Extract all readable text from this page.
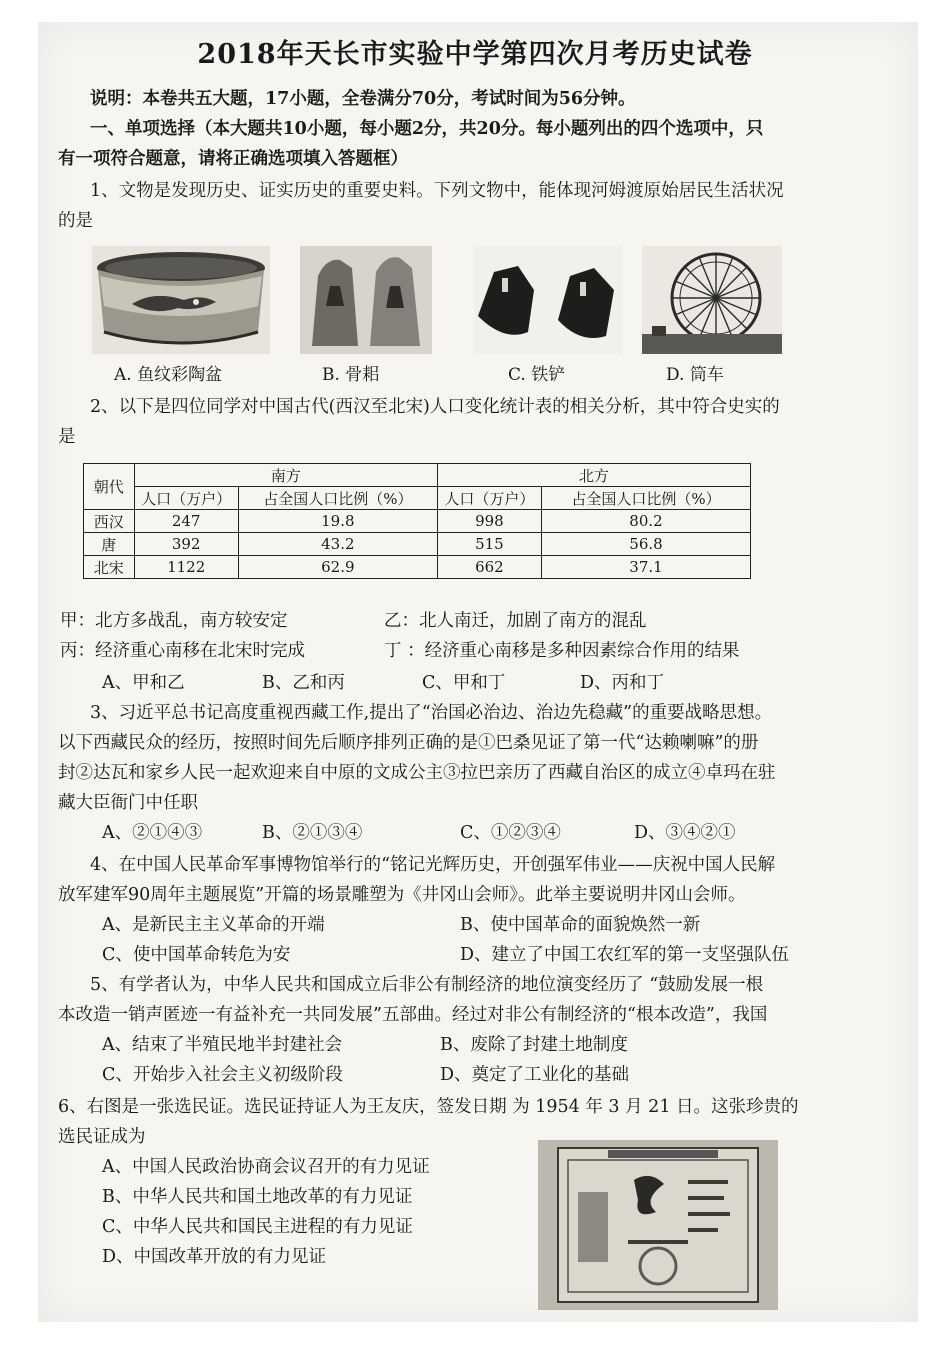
2018年天长市实验中学第四次月考历史试卷
说明：本卷共五大题，17小题，全卷满分70分，考试时间为56分钟。
一、单项选择（本大题共10小题，每小题2分，共20分。每小题列出的四个选项中，只
有一项符合题意，请将正确选项填入答题框）
1、文物是发现历史、证实历史的重要史料。下列文物中，能体现河姆渡原始居民生活状况
的是
A. 鱼纹彩陶盆	B. 骨耜	C. 铁铲	D. 筒车
2、以下是四位同学对中国古代(西汉至北宋)人口变化统计表的相关分析，其中符合史实的
是
朝代	南方		北方	
	人口（万户）	占全国人口比例（%）	人口（万户）	占全国人口比例（%）
西汉	247	19.8	998	80.2
唐	392	43.2	515	56.8
北宋	1122	62.9	662	37.1
甲：北方多战乱，南方较安定	乙：北人南迁，加剧了南方的混乱
丙：经济重心南移在北宋时完成	丁 ：经济重心南移是多种因素综合作用的结果
A、甲和乙	B、乙和丙	C、甲和丁	D、丙和丁
3、习近平总书记高度重视西藏工作,提出了“治国必治边、治边先稳藏”的重要战略思想。
以下西藏民众的经历，按照时间先后顺序排列正确的是①巴桑见证了第一代“达赖喇嘛”的册
封②达瓦和家乡人民一起欢迎来自中原的文成公主③拉巴亲历了西藏自治区的成立④卓玛在驻
藏大臣衙门中任职
A、②①④③	B、②①③④	C、①②③④	D、③④②①
4、在中国人民革命军事博物馆举行的“铭记光辉历史，开创强军伟业——庆祝中国人民解
放军建军90周年主题展览”开篇的场景雕塑为《井冈山会师》。此举主要说明井冈山会师。
A、是新民主主义革命的开端	B、使中国革命的面貌焕然一新
C、使中国革命转危为安	D、建立了中国工农红军的第一支坚强队伍
5、有学者认为，中华人民共和国成立后非公有制经济的地位演变经历了 “鼓励发展一根
本改造一销声匿迹一有益补充一共同发展”五部曲。经过对非公有制经济的“根本改造”，我国
A、结束了半殖民地半封建社会	B、废除了封建土地制度
C、开始步入社会主义初级阶段	D、奠定了工业化的基础
6、右图是一张选民证。选民证持证人为王友庆，签发日期 为 1954 年 3 月 21 日。这张珍贵的
选民证成为
A、中国人民政治协商会议召开的有力见证
B、中华人民共和国土地改革的有力见证
C、中华人民共和国民主进程的有力见证
D、中国改革开放的有力见证
